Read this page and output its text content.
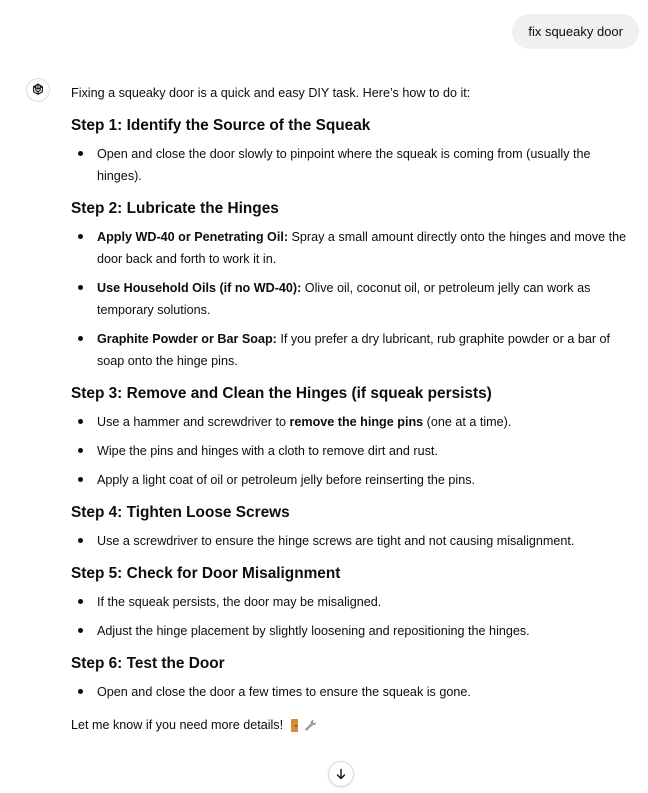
fix squeaky door

Fixing a squeaky door is a quick and easy DIY task. Here’s how to do it:

Step 1: Identify the Source of the Squeak
Open and close the door slowly to pinpoint where the squeak is coming from (usually the hinges).
Step 2: Lubricate the Hinges
Apply WD-40 or Penetrating Oil: Spray a small amount directly onto the hinges and move the door back and forth to work it in.
Use Household Oils (if no WD-40): Olive oil, coconut oil, or petroleum jelly can work as temporary solutions.
Graphite Powder or Bar Soap: If you prefer a dry lubricant, rub graphite powder or a bar of soap onto the hinge pins.
Step 3: Remove and Clean the Hinges (if squeak persists)
Use a hammer and screwdriver to remove the hinge pins (one at a time).
Wipe the pins and hinges with a cloth to remove dirt and rust.
Apply a light coat of oil or petroleum jelly before reinserting the pins.
Step 4: Tighten Loose Screws
Use a screwdriver to ensure the hinge screws are tight and not causing misalignment.
Step 5: Check for Door Misalignment
If the squeak persists, the door may be misaligned.
Adjust the hinge placement by slightly loosening and repositioning the hinges.
Step 6: Test the Door
Open and close the door a few times to ensure the squeak is gone.

Let me know if you need more details!
